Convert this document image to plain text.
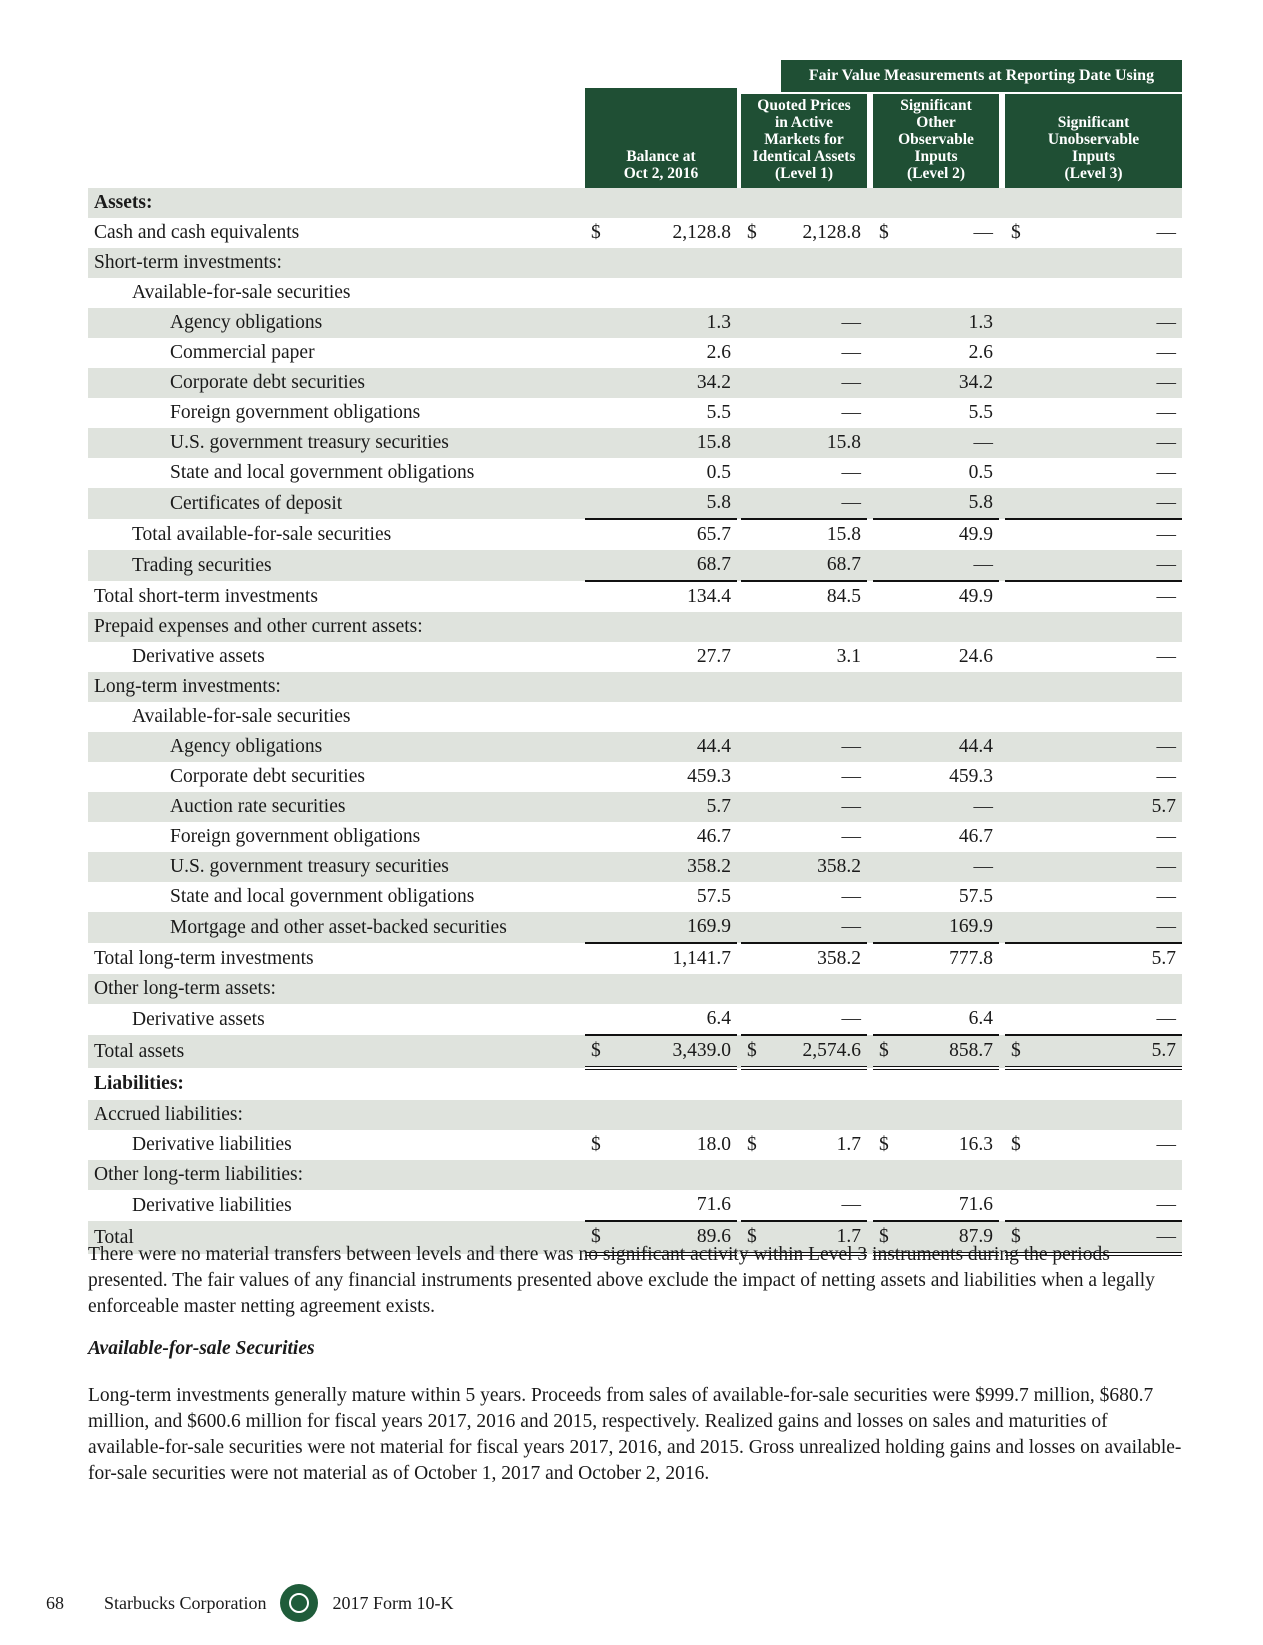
Fair Value Measurements at Reporting Date Using
Balance at
Oct 2, 2016
Quoted Prices
in Active
Markets for
Identical Assets
(Level 1)
Significant
Other
Observable
Inputs
(Level 2)
Significant
Unobservable
Inputs
(Level 3)
Assets:							
Cash and cash equivalents	$ 2,128.8		$ 2,128.8		$ —		$ —
Short-term investments:							
Available-for-sale securities							
Agency obligations	1.3		—		1.3		—
Commercial paper	2.6		—		2.6		—
Corporate debt securities	34.2		—		34.2		—
Foreign government obligations	5.5		—		5.5		—
U.S. government treasury securities	15.8		15.8		—		—
State and local government obligations	0.5		—		0.5		—
Certificates of deposit	5.8		—		5.8		—
Total available-for-sale securities	65.7		15.8		49.9		—
Trading securities	68.7		68.7		—		—
Total short-term investments	134.4		84.5		49.9		—
Prepaid expenses and other current assets:							
Derivative assets	27.7		3.1		24.6		—
Long-term investments:							
Available-for-sale securities							
Agency obligations	44.4		—		44.4		—
Corporate debt securities	459.3		—		459.3		—
Auction rate securities	5.7		—		—		5.7
Foreign government obligations	46.7		—		46.7		—
U.S. government treasury securities	358.2		358.2		—		—
State and local government obligations	57.5		—		57.5		—
Mortgage and other asset-backed securities	169.9		—		169.9		—
Total long-term investments	1,141.7		358.2		777.8		5.7
Other long-term assets:							
Derivative assets	6.4		—		6.4		—
Total assets	$ 3,439.0		$ 2,574.6		$ 858.7		$ 5.7
Liabilities:							
Accrued liabilities:							
Derivative liabilities	$ 18.0		$ 1.7		$ 16.3		$ —
Other long-term liabilities:							
Derivative liabilities	71.6		—		71.6		—
Total	$ 89.6		$ 1.7		$ 87.9		$ —
There were no material transfers between levels and there was no significant activity within Level 3 instruments during the periods presented. The fair values of any financial instruments presented above exclude the impact of netting assets and liabilities when a legally enforceable master netting agreement exists.
Available-for-sale Securities
Long-term investments generally mature within 5 years. Proceeds from sales of available-for-sale securities were $999.7 million, $680.7 million, and $600.6 million for fiscal years 2017, 2016 and 2015, respectively. Realized gains and losses on sales and maturities of available-for-sale securities were not material for fiscal years 2017, 2016, and 2015. Gross unrealized holding gains and losses on available-for-sale securities were not material as of October 1, 2017 and October 2, 2016.
68	Starbucks Corporation	2017 Form 10-K
